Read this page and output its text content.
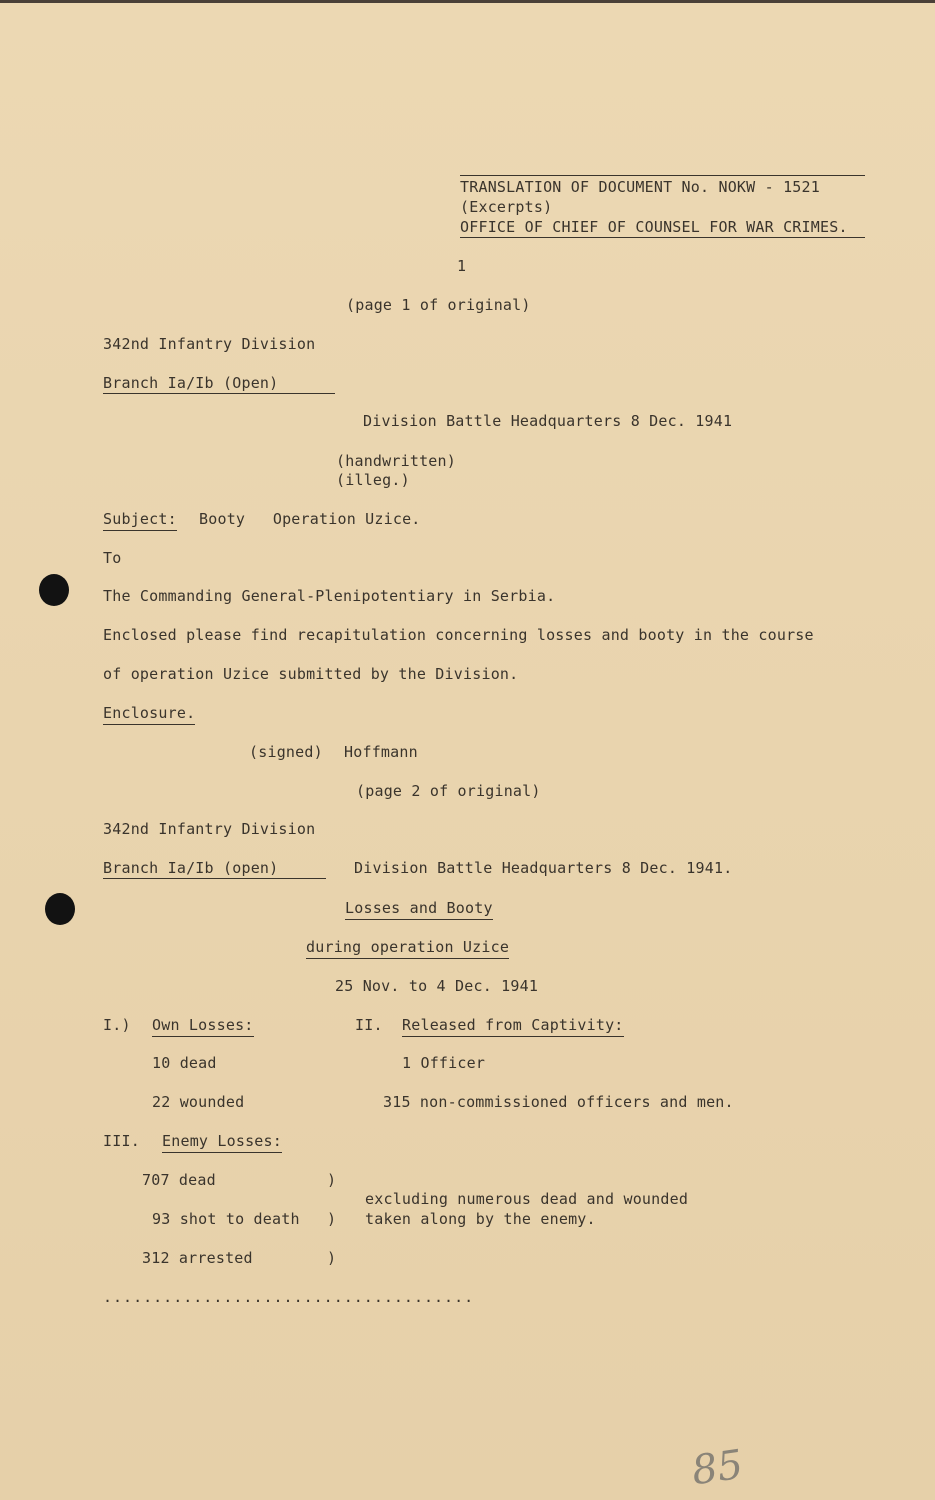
TRANSLATION OF DOCUMENT No. NOKW - 1521
(Excerpts)
OFFICE OF CHIEF OF COUNSEL FOR WAR CRIMES.
1
(page 1 of original)
342nd Infantry Division
Branch Ia/Ib (Open)
Division Battle Headquarters 8 Dec. 1941
(handwritten)
(illeg.)
Subject: Booty   Operation Uzice.
To
The Commanding General-Plenipotentiary in Serbia.
Enclosed please find recapitulation concerning losses and booty in the course
of operation Uzice submitted by the Division.
Enclosure.
(signed) Hoffmann
(page 2 of original)
342nd Infantry Division
Branch Ia/Ib (open)	Division Battle Headquarters 8 Dec. 1941.
Losses and Booty
during operation Uzice
25 Nov. to 4 Dec. 1941
I.) Own Losses:
10 dead
22 wounded
II. Released from Captivity:
1 Officer
315 non-commissioned officers and men.
III. Enemy Losses:
707 dead
93 shot to death
312 arrested
)
)
)
excluding numerous dead and wounded
taken along by the enemy.
.....................................
85
